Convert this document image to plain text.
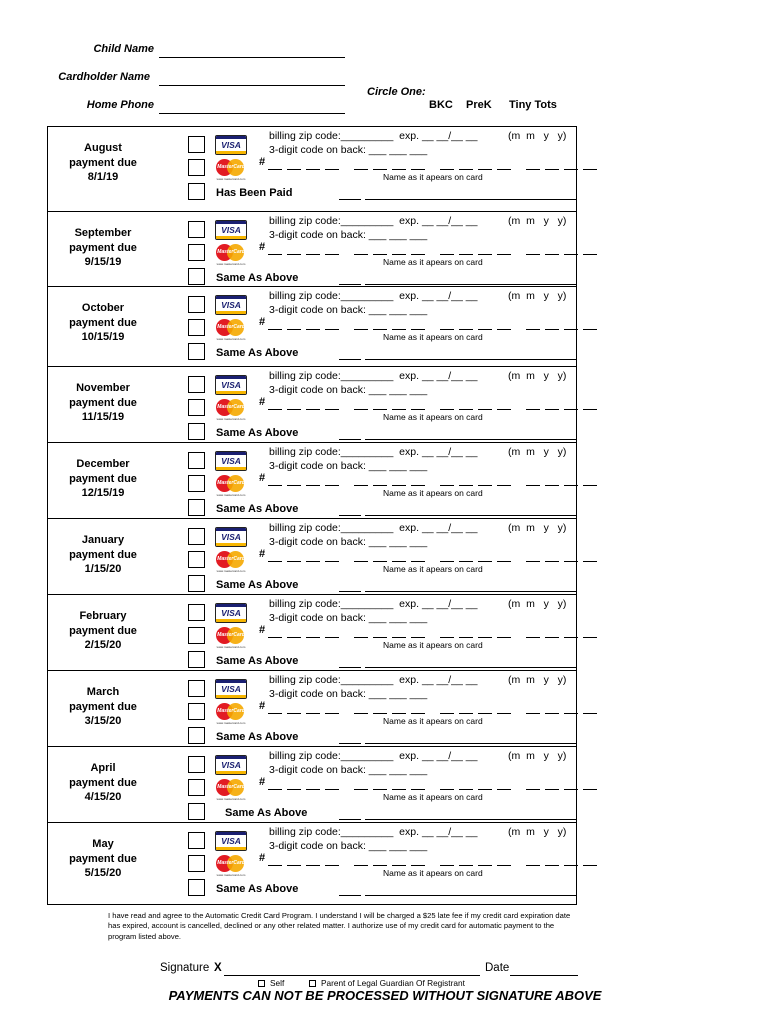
Child Name
Cardholder Name
Home Phone
Circle One:
BKC PreK Tiny Tots
August
payment due
8/1/19
VISA
MasterCard
www.mastercard.com
billing zip code:_________  exp. __ __/__ __	(m  m   y   y)
3-digit code on back: ___ ___ ___
#
Name as it apears on card
Has Been Paid
September
payment due
9/15/19
VISA
MasterCard
www.mastercard.com
billing zip code:_________  exp. __ __/__ __	(m  m   y   y)
3-digit code on back: ___ ___ ___
#
Name as it apears on card
Same As Above
October
payment due
10/15/19
VISA
MasterCard
www.mastercard.com
billing zip code:_________  exp. __ __/__ __	(m  m   y   y)
3-digit code on back: ___ ___ ___
#
Name as it apears on card
Same As Above
November
payment due
11/15/19
VISA
MasterCard
www.mastercard.com
billing zip code:_________  exp. __ __/__ __	(m  m   y   y)
3-digit code on back: ___ ___ ___
#
Name as it apears on card
Same As Above
December
payment due
12/15/19
VISA
MasterCard
www.mastercard.com
billing zip code:_________  exp. __ __/__ __	(m  m   y   y)
3-digit code on back: ___ ___ ___
#
Name as it apears on card
Same As Above
January
payment due
1/15/20
VISA
MasterCard
www.mastercard.com
billing zip code:_________  exp. __ __/__ __	(m  m   y   y)
3-digit code on back: ___ ___ ___
#
Name as it apears on card
Same As Above
February
payment due
2/15/20
VISA
MasterCard
www.mastercard.com
billing zip code:_________  exp. __ __/__ __	(m  m   y   y)
3-digit code on back: ___ ___ ___
#
Name as it apears on card
Same As Above
March
payment due
3/15/20
VISA
MasterCard
www.mastercard.com
billing zip code:_________  exp. __ __/__ __	(m  m   y   y)
3-digit code on back: ___ ___ ___
#
Name as it apears on card
Same As Above
April
payment due
4/15/20
VISA
MasterCard
www.mastercard.com
billing zip code:_________  exp. __ __/__ __	(m  m   y   y)
3-digit code on back: ___ ___ ___
#
Name as it apears on card
Same As Above
May
payment due
5/15/20
VISA
MasterCard
www.mastercard.com
billing zip code:_________  exp. __ __/__ __	(m  m   y   y)
3-digit code on back: ___ ___ ___
#
Name as it apears on card
Same As Above
I have read and agree to the Automatic Credit Card Program. I understand I will be charged a $25 late fee if my credit card expiration date has expired, account is cancelled, declined or any other related matter. I authorize use of my credit card for automatic payment to the program listed above.
Signature X	Date
Self	Parent of Legal Guardian Of Registrant
PAYMENTS CAN NOT BE PROCESSED WITHOUT SIGNATURE ABOVE
